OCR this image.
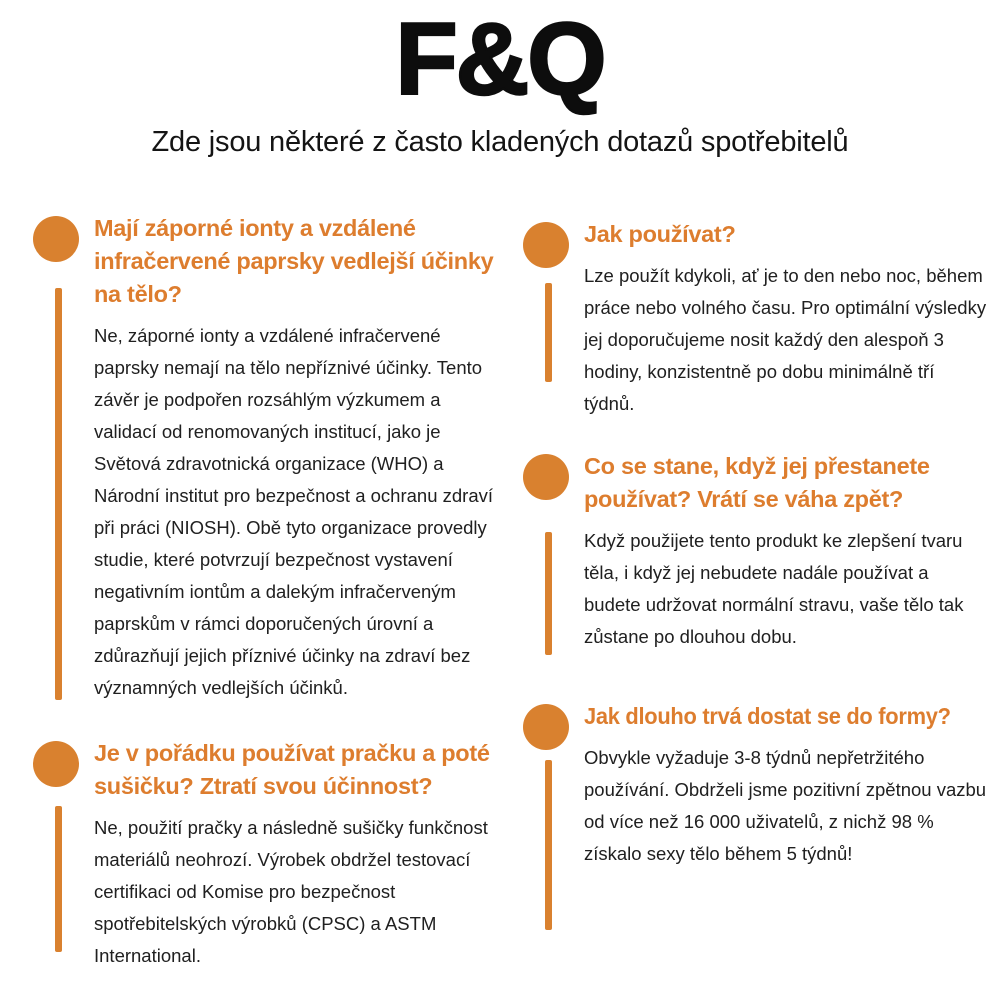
F&Q

Zde jsou některé z často kladených dotazů spotřebitelů

Mají záporné ionty a vzdálené infračervené paprsky vedlejší účinky na tělo?

Ne, záporné ionty a vzdálené infračervené paprsky nemají na tělo nepříznivé účinky. Tento závěr je podpořen rozsáhlým výzkumem a validací od renomovaných institucí, jako je Světová zdravotnická organizace (WHO) a Národní institut pro bezpečnost a ochranu zdraví při práci (NIOSH). Obě tyto organizace provedly studie, které potvrzují bezpečnost vystavení negativním iontům a dalekým infračerveným paprskům v rámci doporučených úrovní a zdůrazňují jejich příznivé účinky na zdraví bez významných vedlejších účinků.

Je v pořádku používat pračku a poté sušičku? Ztratí svou účinnost?

Ne, použití pračky a následně sušičky funkčnost materiálů neohrozí. Výrobek obdržel testovací certifikaci od Komise pro bezpečnost spotřebitelských výrobků (CPSC) a ASTM International.

Jak používat?

Lze použít kdykoli, ať je to den nebo noc, během práce nebo volného času. Pro optimální výsledky jej doporučujeme nosit každý den alespoň 3 hodiny, konzistentně po dobu minimálně tří týdnů.

Co se stane, když jej přestanete používat? Vrátí se váha zpět?

Když použijete tento produkt ke zlepšení tvaru těla, i když jej nebudete nadále používat a budete udržovat normální stravu, vaše tělo tak zůstane po dlouhou dobu.

Jak dlouho trvá dostat se do formy?

Obvykle vyžaduje 3-8 týdnů nepřetržitého používání. Obdrželi jsme pozitivní zpětnou vazbu od více než 16 000 uživatelů, z nichž 98 % získalo sexy tělo během 5 týdnů!
